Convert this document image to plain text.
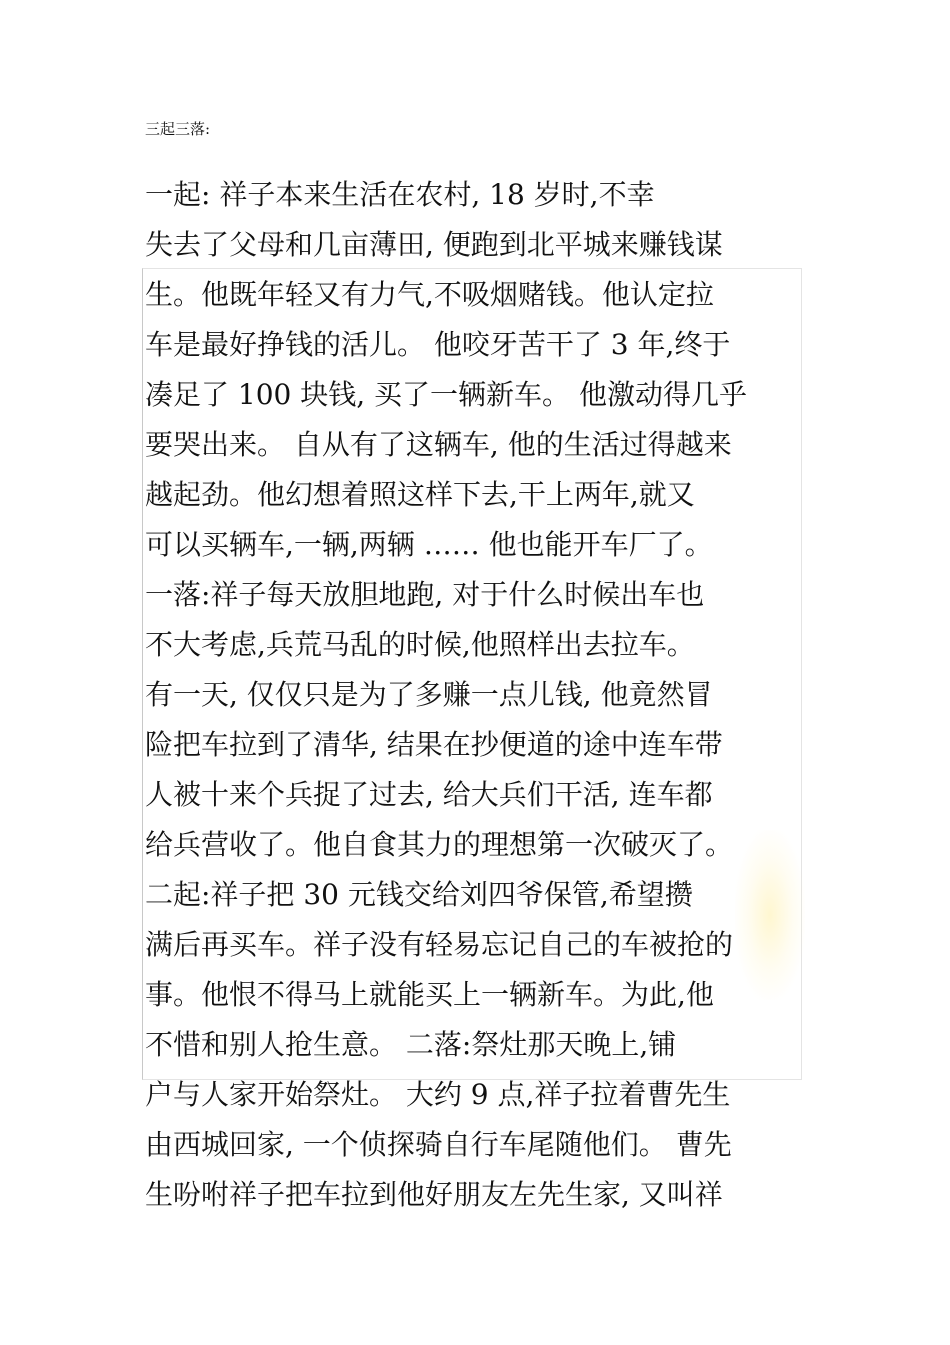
三起三落:
一起: 祥子本来生活在农村, 18 岁时,不幸
失去了父母和几亩薄田, 便跑到北平城来赚钱谋
生。他既年轻又有力气,不吸烟赌钱。他认定拉
车是最好挣钱的活儿。 他咬牙苦干了 3 年,终于
凑足了 100 块钱, 买了一辆新车。 他激动得几乎
要哭出来。 自从有了这辆车, 他的生活过得越来
越起劲。他幻想着照这样下去,干上两年,就又
可以买辆车,一辆,两辆 …… 他也能开车厂了。
一落:祥子每天放胆地跑, 对于什么时候出车也
不大考虑,兵荒马乱的时候,他照样出去拉车。
有一天, 仅仅只是为了多赚一点儿钱, 他竟然冒
险把车拉到了清华, 结果在抄便道的途中连车带
人被十来个兵捉了过去, 给大兵们干活, 连车都
给兵营收了。他自食其力的理想第一次破灭了。
二起:祥子把 30 元钱交给刘四爷保管,希望攒
满后再买车。祥子没有轻易忘记自己的车被抢的
事。他恨不得马上就能买上一辆新车。为此,他
不惜和别人抢生意。 二落:祭灶那天晚上,铺
户与人家开始祭灶。 大约 9 点,祥子拉着曹先生
由西城回家, 一个侦探骑自行车尾随他们。 曹先
生吩咐祥子把车拉到他好朋友左先生家, 又叫祥
